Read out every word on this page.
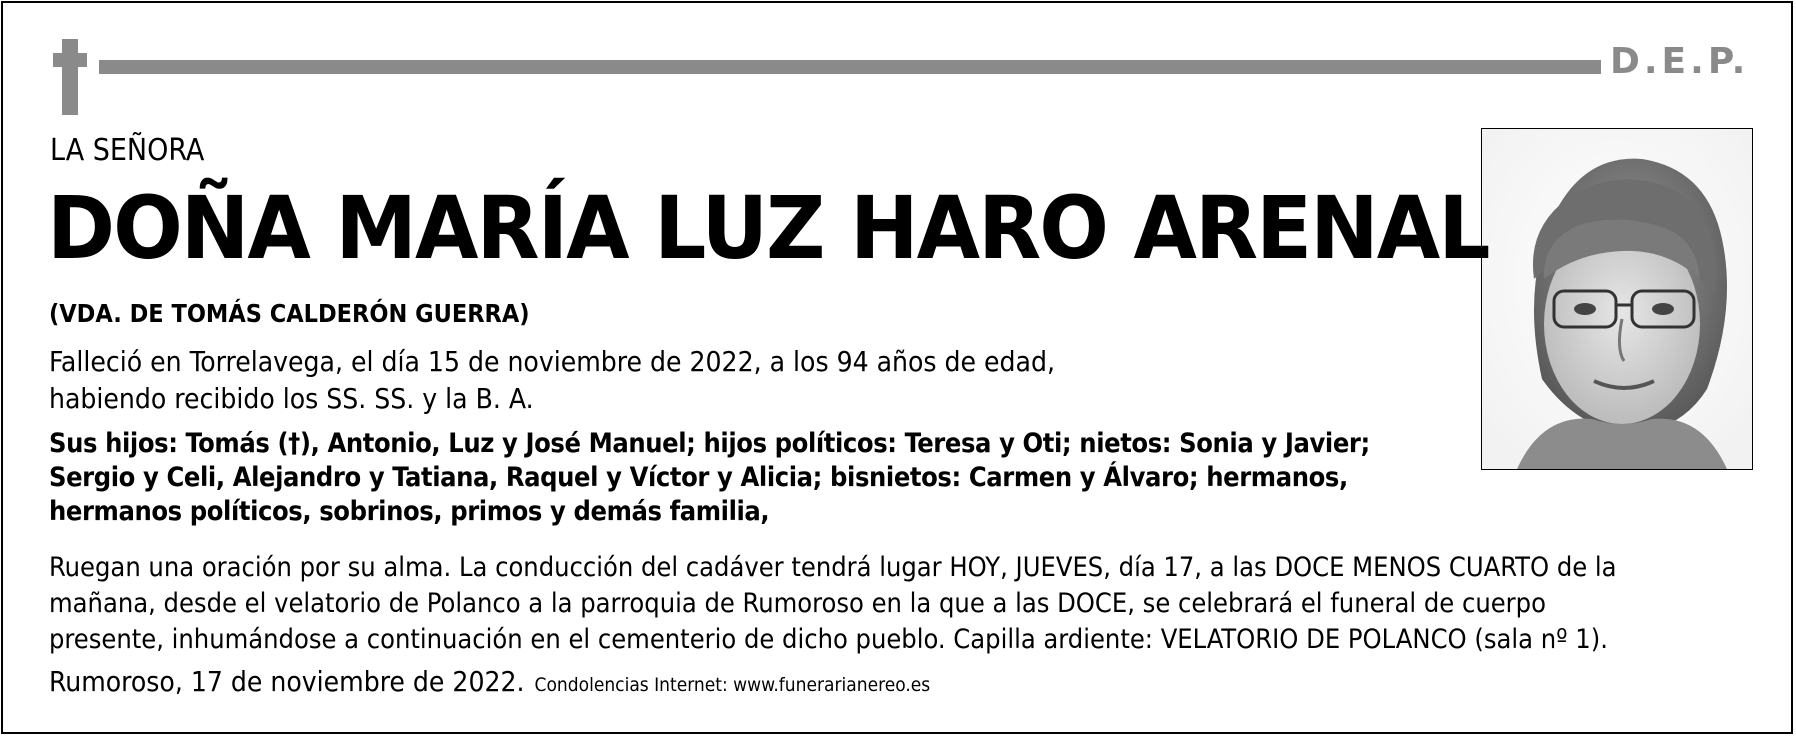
D.E.P.
LA SEÑORA
DOÑA MARÍA LUZ HARO ARENAL
(VDA. DE TOMÁS CALDERÓN GUERRA)
Falleció en Torrelavega, el día 15 de noviembre de 2022, a los 94 años de edad,
habiendo recibido los SS. SS. y la B. A.
Sus hijos: Tomás (†), Antonio, Luz y José Manuel; hijos políticos: Teresa y Oti; nietos: Sonia y Javier;
Sergio y Celi, Alejandro y Tatiana, Raquel y Víctor y Alicia; bisnietos: Carmen y Álvaro; hermanos,
hermanos políticos, sobrinos, primos y demás familia,
Ruegan una oración por su alma. La conducción del cadáver tendrá lugar HOY, JUEVES, día 17, a las DOCE MENOS CUARTO de la
mañana, desde el velatorio de Polanco a la parroquia de Rumoroso en la que a las DOCE, se celebrará el funeral de cuerpo
presente, inhumándose a continuación en el cementerio de dicho pueblo. Capilla ardiente: VELATORIO DE POLANCO (sala nº 1).
Rumoroso, 17 de noviembre de 2022. Condolencias Internet: www.funerarianereo.es
